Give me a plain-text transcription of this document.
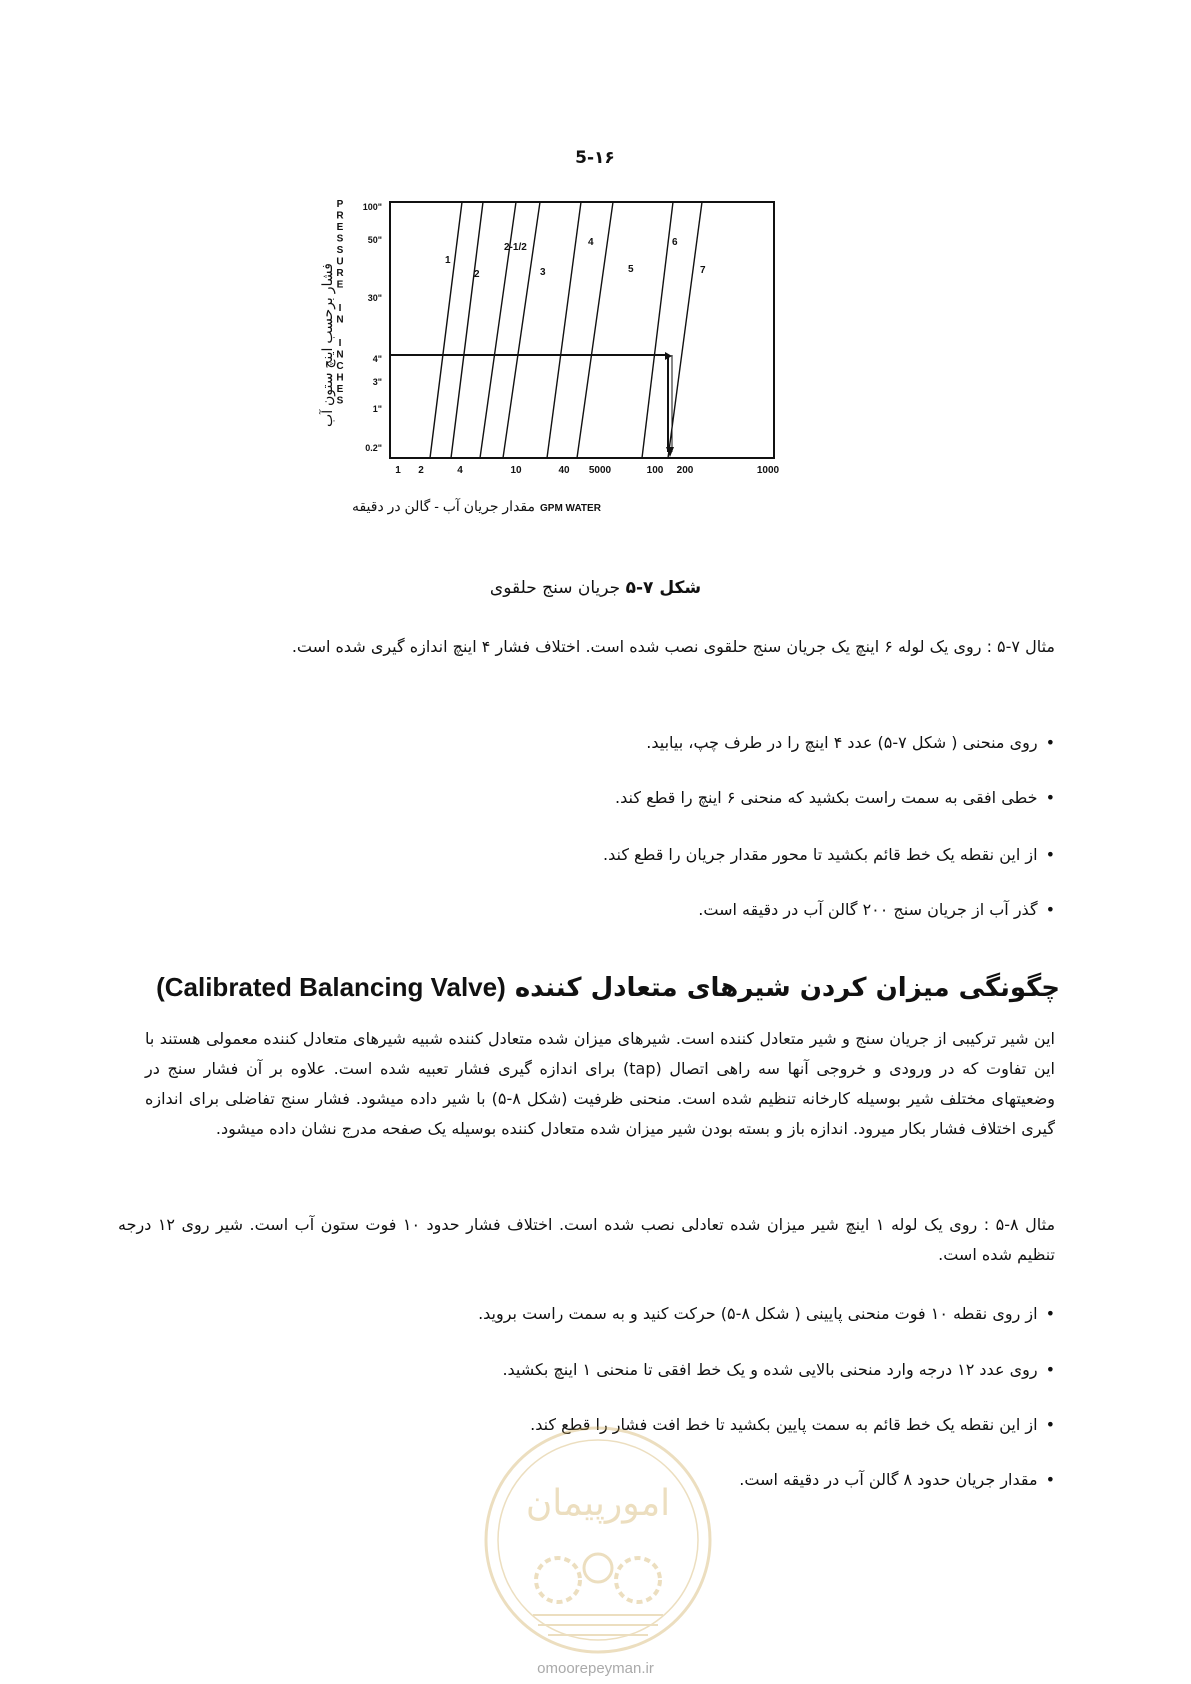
5-۱۶
P
R
E
S
S
U
R
E
I
N
I
N
C
H
E
S
فشار برحسب اینچ ستون آب
100"
50"
30"
4"
3"
1"
0.2"
1
2
2-1/2
3
4
5
6
7
1 2	4	10	40 5000	100 200	1000
GPM WATER
مقدار جریان آب - گالن در دقیقه
شکل ۷-۵ جریان سنج حلقوی
مثال ۷-۵ : روی یک لوله ۶ اینچ یک جریان سنج حلقوی نصب شده است. اختلاف فشار ۴ اینچ اندازه گیری شده است.
• روی منحنی ( شکل ۷-۵) عدد ۴ اینچ را در طرف چپ، بیابید.
• خطی افقی به سمت راست بکشید که منحنی ۶ اینچ را قطع کند.
• از این نقطه یک خط قائم بکشید تا محور مقدار جریان را قطع کند.
• گذر آب از جریان سنج ۲۰۰ گالن آب در دقیقه است.
چگونگی میزان کردن شیرهای متعادل کننده (Calibrated Balancing Valve)
این شیر ترکیبی از جریان سنج و شیر متعادل کننده است. شیرهای میزان شده متعادل کننده شبیه شیرهای متعادل کننده معمولی هستند با این تفاوت که در ورودی و خروجی آنها سه راهی اتصال (tap) برای اندازه گیری فشار تعبیه شده است. علاوه بر آن فشار سنج در وضعیتهای مختلف شیر بوسیله کارخانه تنظیم شده است. منحنی ظرفیت (شکل ۸-۵) با شیر داده میشود. فشار سنج تفاضلی برای اندازه گیری اختلاف فشار بکار میرود. اندازه باز و بسته بودن شیر میزان شده متعادل کننده بوسیله یک صفحه مدرج نشان داده میشود.
مثال ۸-۵ : روی یک لوله ۱ اینچ شیر میزان شده تعادلی نصب شده است. اختلاف فشار حدود ۱۰ فوت ستون آب است. شیر روی ۱۲ درجه تنظیم شده است.
• از روی نقطه ۱۰ فوت منحنی پایینی ( شکل ۸-۵) حرکت کنید و به سمت راست بروید.
• روی عدد ۱۲ درجه وارد منحنی بالایی شده و یک خط افقی تا منحنی ۱ اینچ بکشید.
• از این نقطه یک خط قائم به سمت پایین بکشید تا خط افت فشار را قطع کند.
• مقدار جریان حدود ۸ گالن آب در دقیقه است.
امورپیمان
omoorepeyman.ir
